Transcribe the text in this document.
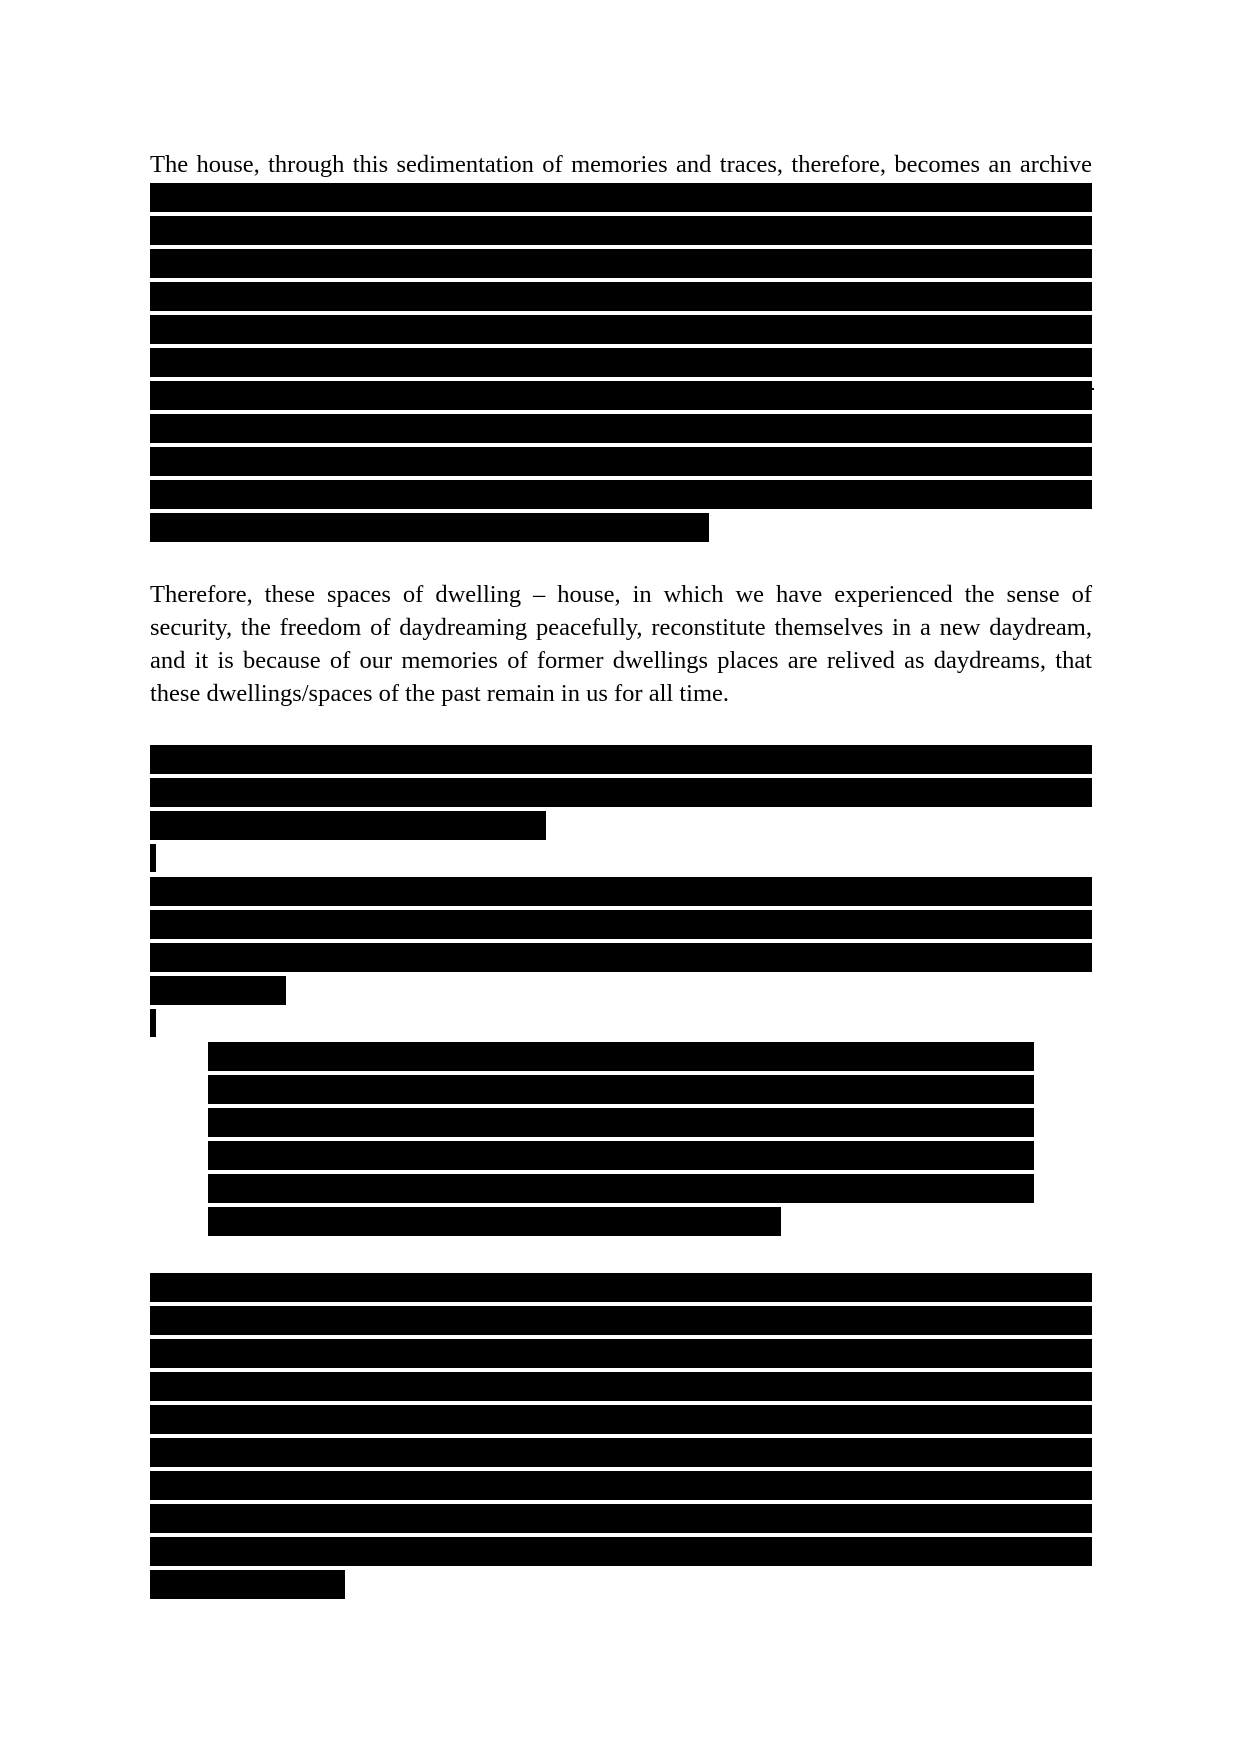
The house, through this sedimentation of memories and traces, therefore, becomes an archive
Therefore, these spaces of dwelling – house, in which we have experienced the sense of
security, the freedom of daydreaming peacefully, reconstitute themselves in a new daydream,
and it is because of our memories of former dwellings places are relived as daydreams, that
these dwellings/spaces of the past remain in us for all time.
